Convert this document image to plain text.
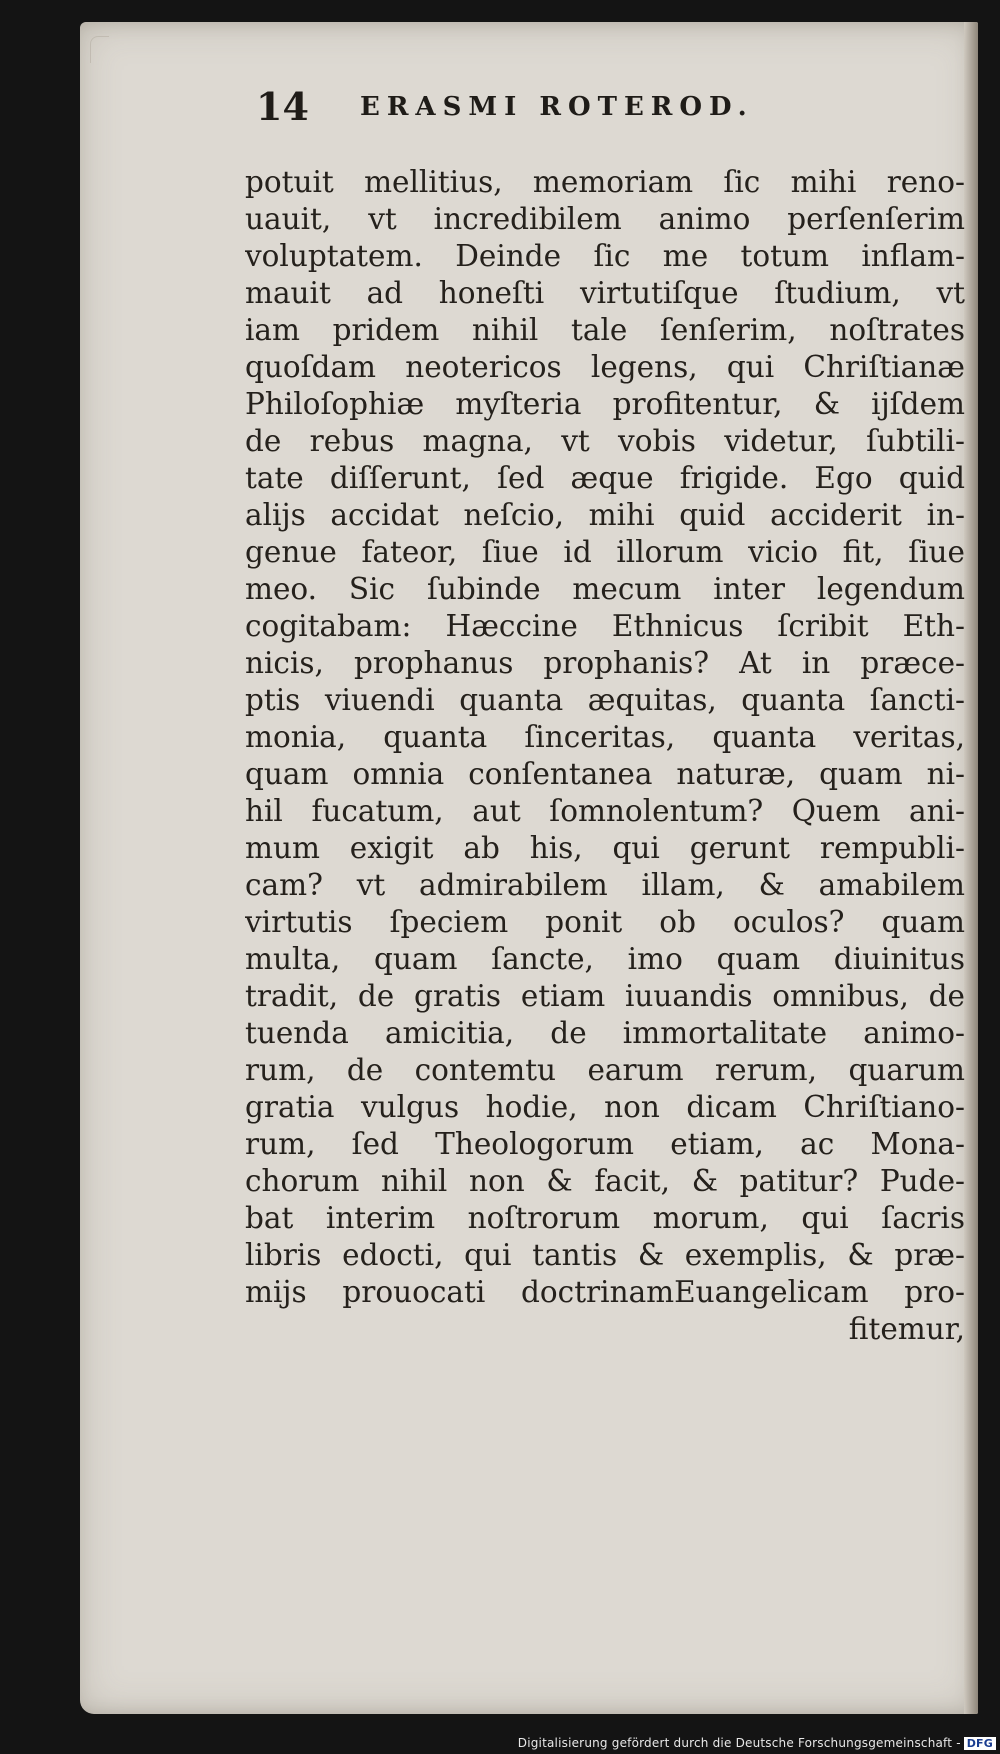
14 ERASMI ROTEROD.
potuit mellitius, memoriam ſic mihi reno-
uauit, vt incredibilem animo perſenſerim
voluptatem. Deinde ſic me totum inflam-
mauit ad honeſti virtutiſque ſtudium, vt
iam pridem nihil tale ſenſerim, noſtrates
quoſdam neotericos legens, qui Chriſtianæ
Philoſophiæ myſteria profitentur, & ijſdem
de rebus magna, vt vobis videtur, ſubtili-
tate diſſerunt, ſed æque frigide. Ego quid
alijs accidat neſcio, mihi quid acciderit in-
genue fateor, ſiue id illorum vicio fit, ſiue
meo. Sic ſubinde mecum inter legendum
cogitabam: Hæccine Ethnicus ſcribit Eth-
nicis, prophanus prophanis? At in præce-
ptis viuendi quanta æquitas, quanta ſancti-
monia, quanta ſinceritas, quanta veritas,
quam omnia conſentanea naturæ, quam ni-
hil fucatum, aut ſomnolentum? Quem ani-
mum exigit ab his, qui gerunt rempubli-
cam? vt admirabilem illam, & amabilem
virtutis ſpeciem ponit ob oculos? quam
multa, quam ſancte, imo quam diuinitus
tradit, de gratis etiam iuuandis omnibus, de
tuenda amicitia, de immortalitate animo-
rum, de contemtu earum rerum, quarum
gratia vulgus hodie, non dicam Chriſtiano-
rum, ſed Theologorum etiam, ac Mona-
chorum nihil non & facit, & patitur? Pude-
bat interim noſtrorum morum, qui ſacris
libris edocti, qui tantis & exemplis, & præ-
mijs prouocati doctrinamEuangelicam pro-
fitemur,
Digitalisierung gefördert durch die Deutsche Forschungsgemeinschaft - DFG
